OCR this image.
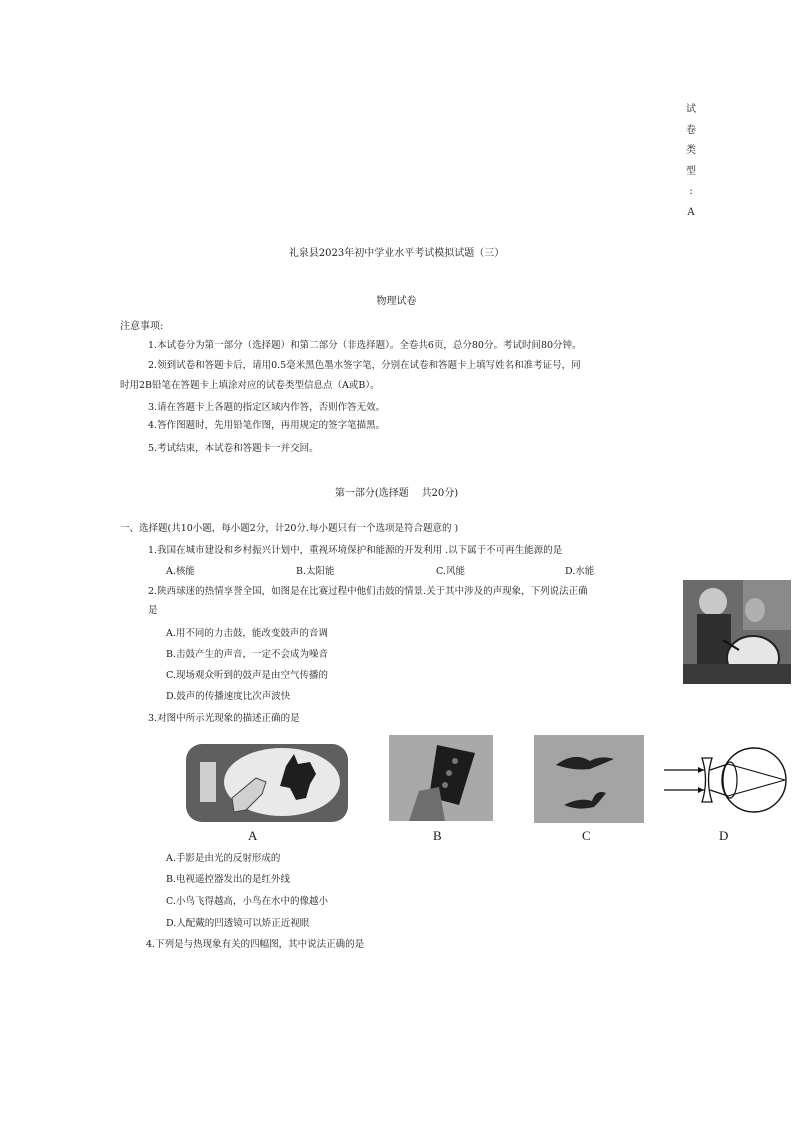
试
卷
类
型
:
A
礼泉县2023年初中学业水平考试模拟试题（三）
物理试卷
注意事项:
1.本试卷分为第一部分（选择题）和第二部分（非选择题）。全卷共6页，总分80分。考试时间80分钟。
2.领到试卷和答题卡后，请用0.5毫米黑色墨水签字笔，分别在试卷和答题卡上填写姓名和准考证号，同
时用2B铅笔在答题卡上填涂对应的试卷类型信息点（A或B）。
3.请在答题卡上各题的指定区域内作答，否则作答无效。
4.答作图题时，先用铅笔作图，再用规定的签字笔描黑。
5.考试结束，本试卷和答题卡一并交回。
第一部分(选择题    共20分)
一、选择题(共10小题，每小题2分，计20分.每小题只有一个选项是符合题意的 )
1.我国在城市建设和乡村振兴计划中，重视环境保护和能源的开发利用 .以下属于不可再生能源的是
A.核能	B.太阳能	C.风能	D.水能
2.陕西球迷的热情享誉全国，如图是在比赛过程中他们击鼓的情景.关于其中涉及的声现象，下列说法正确
是
A.用不同的力击鼓，能改变鼓声的音调
B.击鼓产生的声音，一定不会成为噪音
C.现场观众听到的鼓声是由空气传播的
D.鼓声的传播速度比次声波快
3.对图中所示光现象的描述正确的是
A	B	C	D
A.手影是由光的反射形成的
B.电视遥控器发出的是红外线
C.小鸟飞得越高，小鸟在水中的像越小
D.人配戴的凹透镜可以矫正近视眼
4.下列是与热现象有关的四幅图，其中说法正确的是
